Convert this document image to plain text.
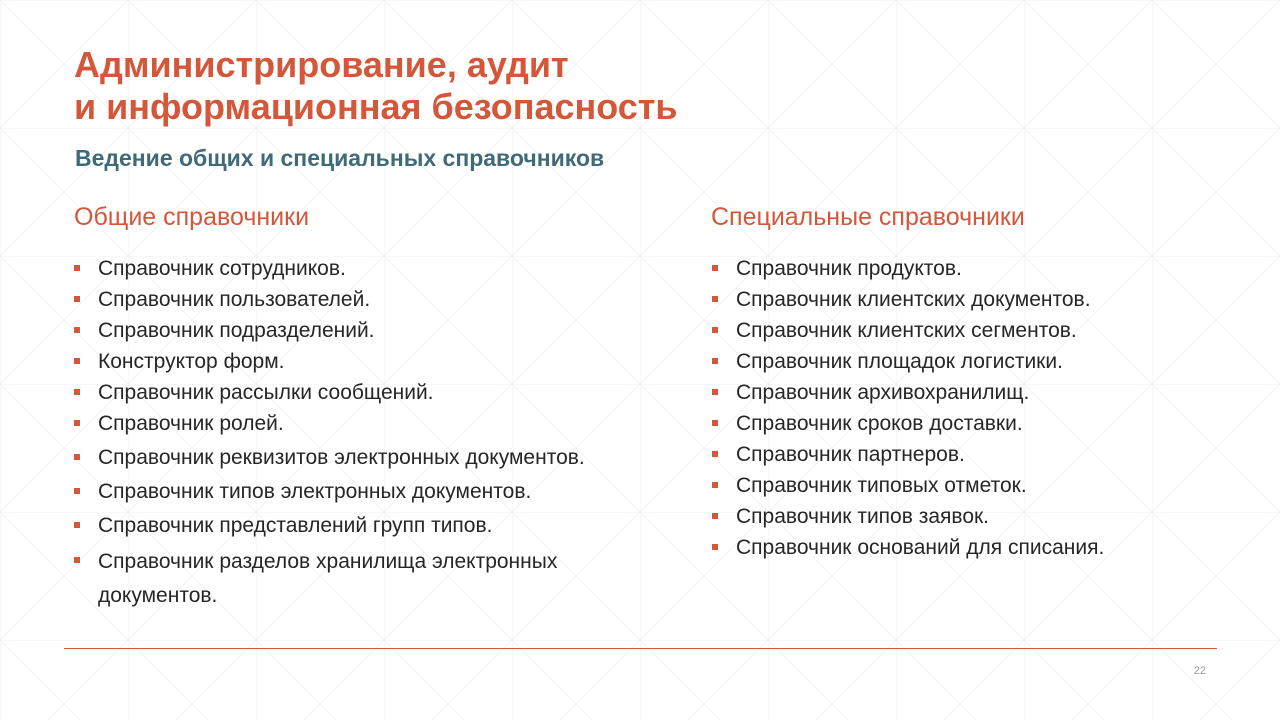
Администрирование, аудит
и информационная безопасность
Ведение общих и специальных справочников
Общие справочники
Справочник сотрудников.
Справочник пользователей.
Справочник подразделений.
Конструктор форм.
Справочник рассылки сообщений.
Справочник ролей.
Справочник реквизитов электронных документов.
Справочник типов электронных документов.
Справочник представлений групп типов.
Справочник разделов хранилища электронных документов.
Специальные справочники
Справочник продуктов.
Справочник клиентских документов.
Справочник клиентских сегментов.
Справочник площадок логистики.
Справочник архивохранилищ.
Справочник сроков доставки.
Справочник партнеров.
Справочник типовых отметок.
Справочник типов заявок.
Справочник оснований для списания.
22
